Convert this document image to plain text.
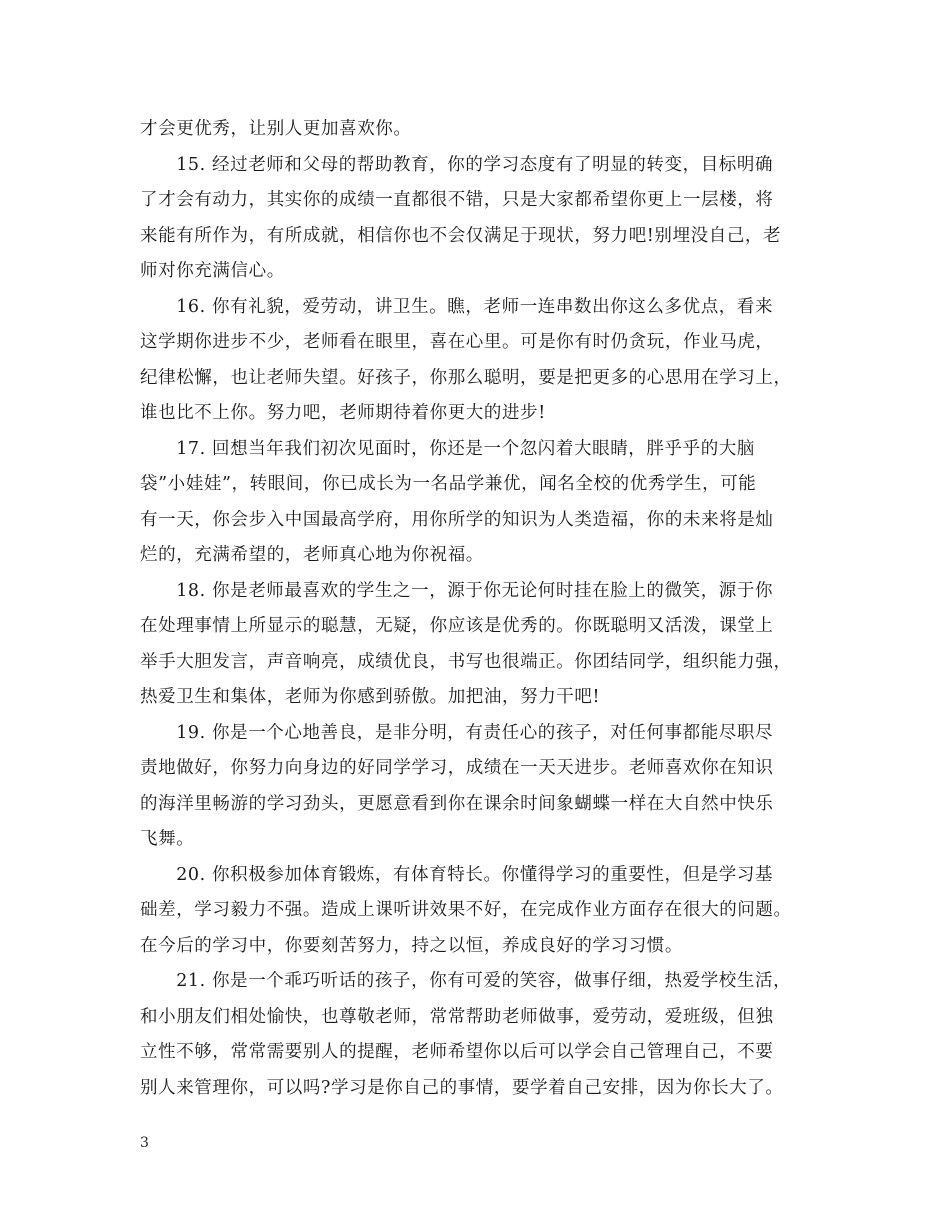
才会更优秀，让别人更加喜欢你。
　　15. 经过老师和父母的帮助教育，你的学习态度有了明显的转变，目标明确
了才会有动力，其实你的成绩一直都很不错，只是大家都希望你更上一层楼，将
来能有所作为，有所成就，相信你也不会仅满足于现状，努力吧!别埋没自己，老
师对你充满信心。
　　16. 你有礼貌，爱劳动，讲卫生。瞧，老师一连串数出你这么多优点，看来
这学期你进步不少，老师看在眼里，喜在心里。可是你有时仍贪玩，作业马虎，
纪律松懈，也让老师失望。好孩子，你那么聪明，要是把更多的心思用在学习上，
谁也比不上你。努力吧，老师期待着你更大的进步!
　　17. 回想当年我们初次见面时，你还是一个忽闪着大眼睛，胖乎乎的大脑
袋”小娃娃”，转眼间，你已成长为一名品学兼优，闻名全校的优秀学生，可能
有一天，你会步入中国最高学府，用你所学的知识为人类造福，你的未来将是灿
烂的，充满希望的，老师真心地为你祝福。
　　18. 你是老师最喜欢的学生之一，源于你无论何时挂在脸上的微笑，源于你
在处理事情上所显示的聪慧，无疑，你应该是优秀的。你既聪明又活泼，课堂上
举手大胆发言，声音响亮，成绩优良，书写也很端正。你团结同学，组织能力强，
热爱卫生和集体，老师为你感到骄傲。加把油，努力干吧!
　　19. 你是一个心地善良，是非分明，有责任心的孩子，对任何事都能尽职尽
责地做好，你努力向身边的好同学学习，成绩在一天天进步。老师喜欢你在知识
的海洋里畅游的学习劲头，更愿意看到你在课余时间象蝴蝶一样在大自然中快乐
飞舞。
　　20. 你积极参加体育锻炼，有体育特长。你懂得学习的重要性，但是学习基
础差，学习毅力不强。造成上课听讲效果不好，在完成作业方面存在很大的问题。
在今后的学习中，你要刻苦努力，持之以恒，养成良好的学习习惯。
　　21. 你是一个乖巧听话的孩子，你有可爱的笑容，做事仔细，热爱学校生活，
和小朋友们相处愉快，也尊敬老师，常常帮助老师做事，爱劳动，爱班级，但独
立性不够，常常需要别人的提醒，老师希望你以后可以学会自己管理自己，不要
别人来管理你，可以吗?学习是你自己的事情，要学着自己安排，因为你长大了。
3
